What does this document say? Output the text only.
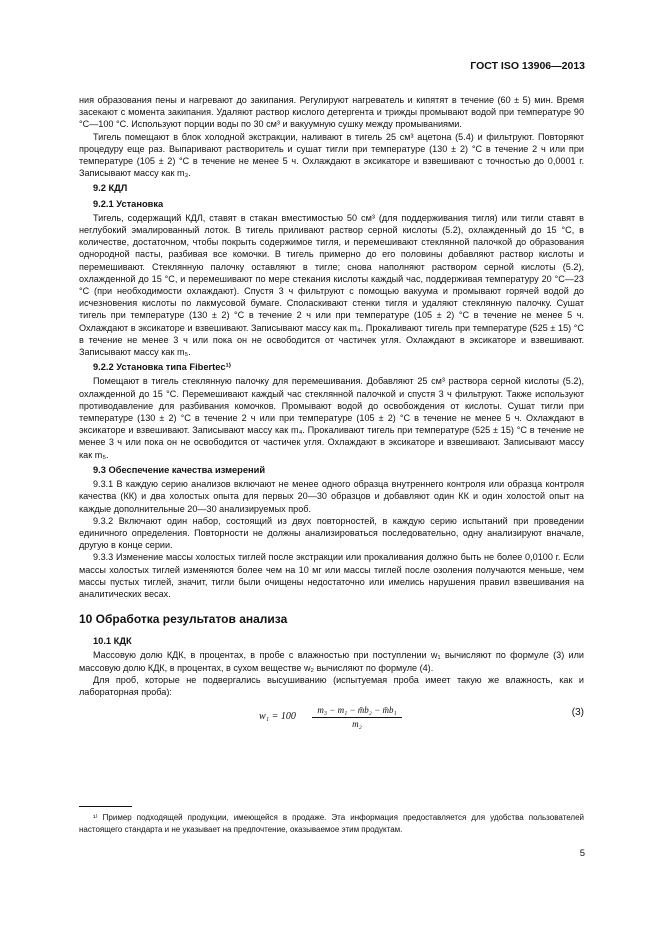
ГОСТ ISO 13906—2013

ния образования пены и нагревают до закипания. Регулируют нагреватель и кипятят в течение (60 ± 5) мин. Время засекают с момента закипания. Удаляют раствор кислого детергента и трижды промывают водой при температуре 90 °С—100 °С. Используют порции воды по 30 см³ и вакуумную сушку между промываниями.

Тигель помещают в блок холодной экстракции, наливают в тигель 25 см³ ацетона (5.4) и фильтруют. Повторяют процедуру еще раз. Выпаривают растворитель и сушат тигли при температуре (130 ± 2) °С в течение 2 ч или при температуре (105 ± 2) °С в течение не менее 5 ч. Охлаждают в эксикаторе и взвешивают с точностью до 0,0001 г. Записывают массу как m₃.

9.2 КДЛ

9.2.1 Установка

Тигель, содержащий КДЛ, ставят в стакан вместимостью 50 см³ (для поддерживания тигля) или тигли ставят в неглубокий эмалированный лоток. В тигель приливают раствор серной кислоты (5.2), охлажденный до 15 °С, в количестве, достаточном, чтобы покрыть содержимое тигля, и перемешивают стеклянной палочкой до образования однородной пасты, разбивая все комочки. В тигель примерно до его половины добавляют раствор кислоты и перемешивают. Стеклянную палочку оставляют в тигле; снова наполняют раствором серной кислоты (5.2), охлажденной до 15 °С, и перемешивают по мере стекания кислоты каждый час, поддерживая температуру 20 °С—23 °С (при необходимости охлаждают). Спустя 3 ч фильтруют с помощью вакуума и промывают горячей водой до исчезновения кислоты по лакмусовой бумаге. Споласкивают стенки тигля и удаляют стеклянную палочку. Сушат тигель при температуре (130 ± 2) °С в течение 2 ч или при температуре (105 ± 2) °С в течение не менее 5 ч. Охлаждают в эксикаторе и взвешивают. Записывают массу как m₄. Прокаливают тигель при температуре (525 ± 15) °С в течение не менее 3 ч или пока он не освободится от частичек угля. Охлаждают в эксикаторе и взвешивают. Записывают массу как m₅.

9.2.2 Установка типа Fibertec¹⁾

Помещают в тигель стеклянную палочку для перемешивания. Добавляют 25 см³ раствора серной кислоты (5.2), охлажденной до 15 °С. Перемешивают каждый час стеклянной палочкой и спустя 3 ч фильтруют. Также используют противодавление для разбивания комочков. Промывают водой до освобождения от кислоты. Сушат тигли при температуре (130 ± 2) °С в течение 2 ч или при температуре (105 ± 2) °С в течение не менее 5 ч. Охлаждают в эксикаторе и взвешивают. Записывают массу как m₄. Прокаливают тигель при температуре (525 ± 15) °С в течение не менее 3 ч или пока он не освободится от частичек угля. Охлаждают в эксикаторе и взвешивают. Записывают массу как m₅.

9.3 Обеспечение качества измерений

9.3.1 В каждую серию анализов включают не менее одного образца внутреннего контроля или образца контроля качества (КК) и два холостых опыта для первых 20—30 образцов и добавляют один КК и один холостой опыт на каждые дополнительные 20—30 анализируемых проб.

9.3.2 Включают один набор, состоящий из двух повторностей, в каждую серию испытаний при проведении единичного определения. Повторности не должны анализироваться последовательно, одну анализируют вначале, другую в конце серии.

9.3.3 Изменение массы холостых тиглей после экстракции или прокаливания должно быть не более 0,0100 г. Если массы холостых тиглей изменяются более чем на 10 мг или массы тиглей после озоления получаются меньше, чем массы пустых тиглей, значит, тигли были очищены недостаточно или имелись нарушения правил взвешивания на аналитических весах.

10 Обработка результатов анализа

10.1 КДК

Массовую долю КДК, в процентах, в пробе с влажностью при поступлении w₁ вычисляют по формуле (3) или массовую долю КДК, в процентах, в сухом веществе w₂ вычисляют по формуле (4).

Для проб, которые не подвергались высушиванию (испытуемая проба имеет такую же влажность, как и лабораторная проба):

$w_1 = 100 \frac{\text{m₃ − m₁ − m̄b₂ − m̄b₁}}{\text{m₂}}$	(3)
¹⁾ Пример подходящей продукции, имеющейся в продаже. Эта информация предоставляется для удобства пользователей настоящего стандарта и не указывает на предпочтение, оказываемое этим продуктам.
5
